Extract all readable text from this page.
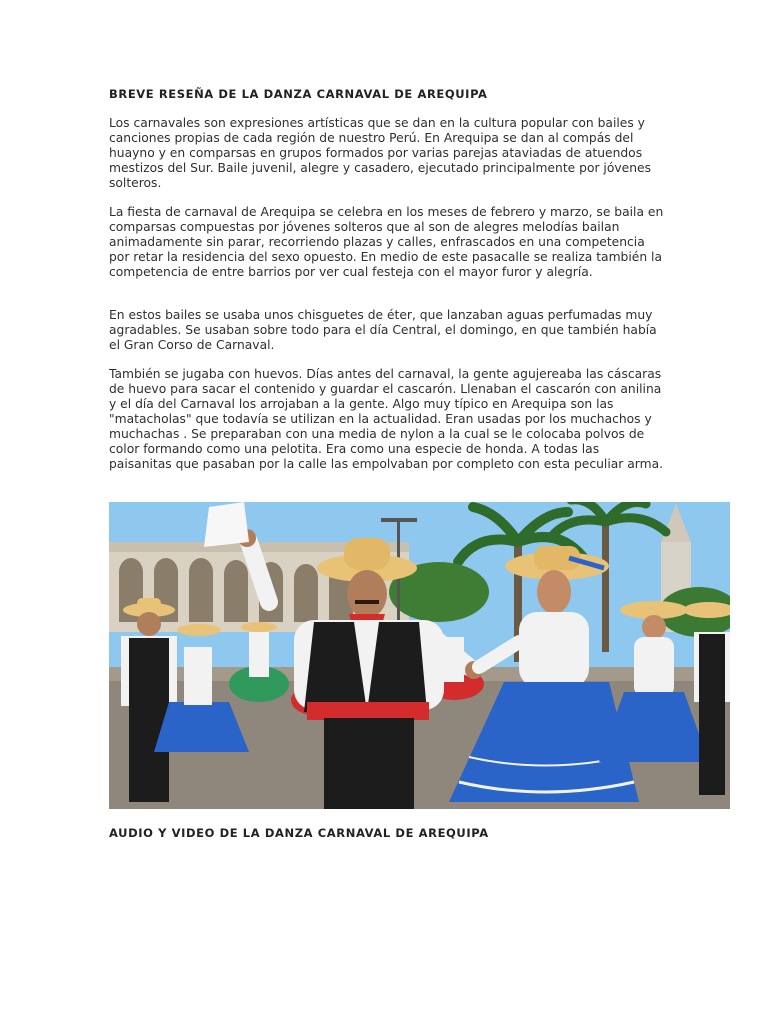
BREVE RESEÑA DE LA DANZA CARNAVAL DE AREQUIPA

Los carnavales son expresiones artísticas que se dan en la cultura popular con bailes y canciones propias de cada región de nuestro Perú. En Arequipa se dan al compás del huayno y en comparsas en grupos formados por varias parejas ataviadas de atuendos mestizos del Sur. Baile juvenil, alegre y casadero, ejecutado principalmente por jóvenes solteros.

La fiesta de carnaval de Arequipa se celebra en los meses de febrero y marzo, se baila en comparsas compuestas por jóvenes solteros que al son de alegres melodías bailan animadamente sin parar, recorriendo plazas y calles, enfrascados en una competencia por retar la residencia del sexo opuesto. En medio de este pasacalle se realiza también la competencia de entre barrios por ver cual festeja con el mayor furor y alegría.

En estos bailes se usaba unos chisguetes de éter, que lanzaban aguas perfumadas muy agradables. Se usaban sobre todo para el día Central, el domingo, en que también había el Gran Corso de Carnaval.

También se jugaba con huevos. Días antes del carnaval, la gente agujereaba las cáscaras de huevo para sacar el contenido y guardar el cascarón. Llenaban el cascarón con anilina y el día del Carnaval los arrojaban a la gente. Algo muy típico en Arequipa son las "matacholas" que todavía se utilizan en la actualidad. Eran usadas por los muchachos y muchachas . Se preparaban con una media de nylon a la cual se le colocaba polvos de color formando como una pelotita. Era como una especie de honda. A todas las paisanitas que pasaban por la calle las empolvaban por completo con esta peculiar arma.

AUDIO Y VIDEO DE LA DANZA CARNAVAL DE AREQUIPA
